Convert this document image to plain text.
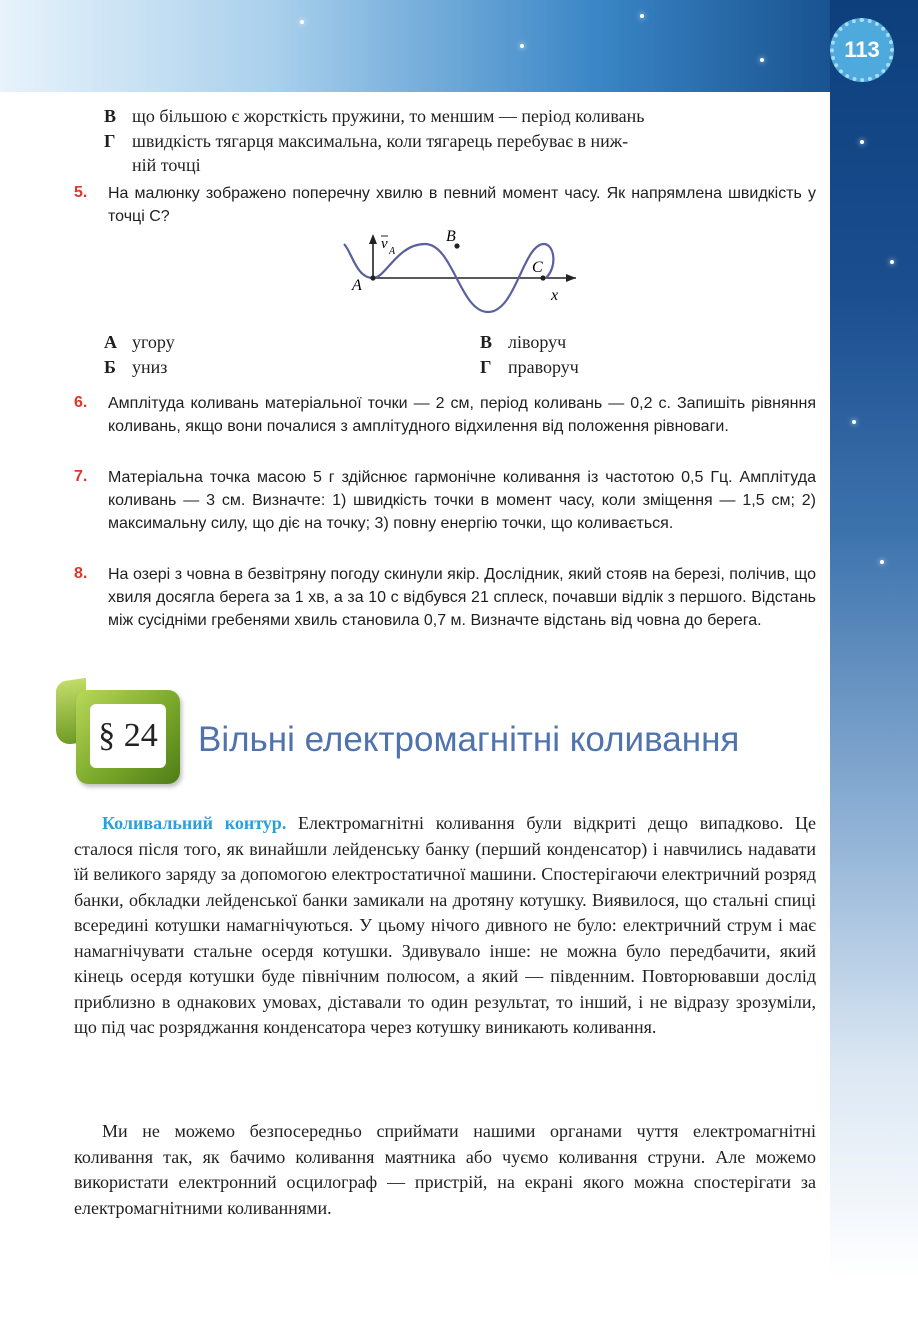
113
В що більшою є жорсткість пружини, то меншим — період коливань
Г швидкість тягарця максимальна, коли тягарець перебуває в ниж-
ній точці
5.	На малюнку зображено поперечну хвилю в певний момент часу. Як напрямлена швидкість у точці C?
A
B
C
x
v A
А угору	В ліворуч
Б униз	Г праворуч
6.	Амплітуда коливань матеріальної точки — 2 см, період коливань — 0,2 с. Запишіть рівняння коливань, якщо вони почалися з амплітудного відхилення від положення рівноваги.
7.	Матеріальна точка масою 5 г здійснює гармонічне коливання із частотою 0,5 Гц. Амплітуда коливань — 3 см. Визначте: 1) швидкість точки в момент часу, коли зміщення — 1,5 см; 2) максимальну силу, що діє на точку; 3) повну енергію точки, що коливається.
8.	На озері з човна в безвітряну погоду скинули якір. Дослідник, який стояв на березі, полічив, що хвиля досягла берега за 1 хв, а за 10 с відбувся 21 сплеск, почавши відлік з першого. Відстань між сусідніми гребенями хвиль становила 0,7 м. Визначте відстань від човна до берега.
§ 24 Вільні електромагнітні коливання
Коливальний контур. Електромагнітні коливання були відкриті дещо випадково. Це сталося після того, як винайшли лейденську банку (перший конденсатор) і навчились надавати їй великого заряду за допомогою електростатичної машини. Спостерігаючи електричний розряд банки, обкладки лейденської банки замикали на дротяну котушку. Виявилося, що стальні спиці всередині котушки намагнічуються. У цьому нічого дивного не було: електричний струм і має намагнічувати стальне осердя котушки. Здивувало інше: не можна було передбачити, який кінець осердя котушки буде північним полюсом, а який — південним. Повторювавши дослід приблизно в однакових умовах, діставали то один результат, то інший, і не відразу зрозуміли, що під час розряджання конденсатора через котушку виникають коливання.
Ми не можемо безпосередньо сприймати нашими органами чуття електромагнітні коливання так, як бачимо коливання маятника або чуємо коливання струни. Але можемо використати електронний осцилограф — пристрій, на екрані якого можна спостерігати за електромагнітними коливаннями.
